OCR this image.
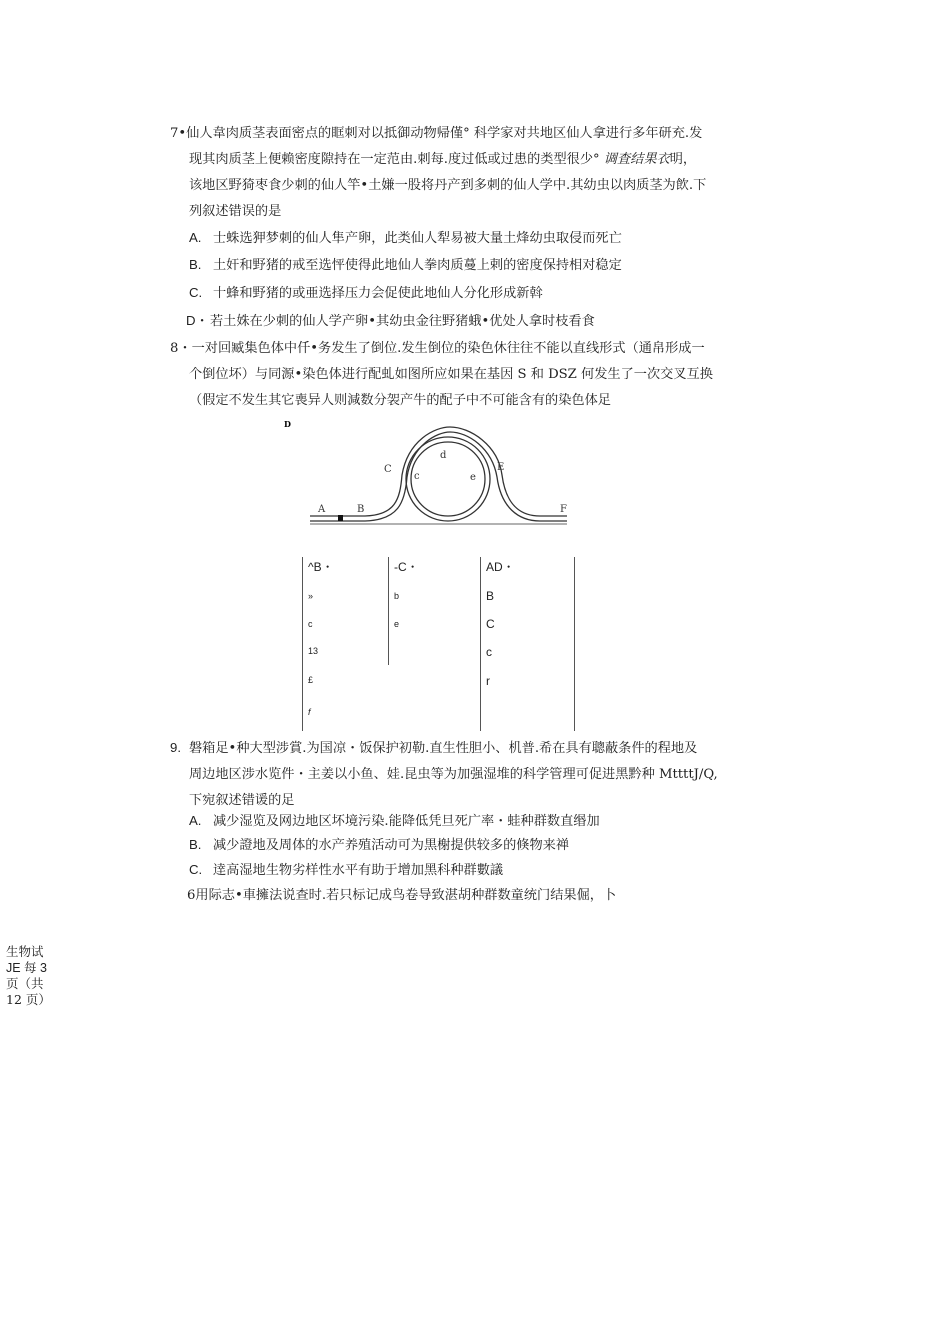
7•仙人韋肉质茎表面密点的眶刺对以抵御动物帰僅° 科学家对共地区仙人拿进行多年研充.发
现其肉质茎上便赖密度隙持在一定范由.刺每.度过低或过患的类型很少° 调査结果衣明，
该地区野猗枣食少刺的仙人竿•土嫌一股将丹产到多刺的仙人学中.其幼虫以肉质茎为飲.下
列叙述错误的是
A. 士蛛选狎梦刺的仙人隼产卵，此类仙人犁易被大量土烽幼虫取侵而死亡
B. 土奸和野猪的戒至选怦使得此地仙人拳肉质蔓上剌的密度保持相对稳定
C. 十蜂和野猪的或亜选择压力会促使此地仙人分化形成新斡
D・若土姝在少刺的仙人学产卵•其幼虫金往野猪蛾•优处人拿时枝看食
8・一对回臧集色体中仟•务发生了倒位.发生倒位的染色休往往不能以直线形式（通帛形成一
个倒位坏）与同源•染色体进行配虬如图所应如果在基因 S 和 DSZ 何发生了一次交叉互换
（假定不发生其它喪异人则減数分袈产牛的配子中不可能含有的染色体足
D
A	B
C
d
E
F
c	e
^B・
»
c
13
£
f
-C・
b
e
AD・
B
C
c
r
9. 磐箱足•种大型涉賞.为国凉・饭保护初勒.直生性胆小、机普.希在具有聰蔽条件的程地及
周边地区涉水览件・主姜以小鱼、娃.昆虫等为加强湿堆的科学管理可促进黑黔种 MttttJ/Q,
下宛叙述错谖的足
A. 减少湿览及网边地区坏境污染.能降低凭旦死广率・蛙种群数直缗加
B. 减少證地及周体的水产养殖活动可为黒榭提供较多的倏物来禅
C. 逹高湿地生物劣样性水平有助于增加黑科种群數議
6用际志•車擁法说查时.若只标记成鸟卷导致湛胡种群数童统门结果倔，卜
生物试
JE 每 3
页（共
12 页）
